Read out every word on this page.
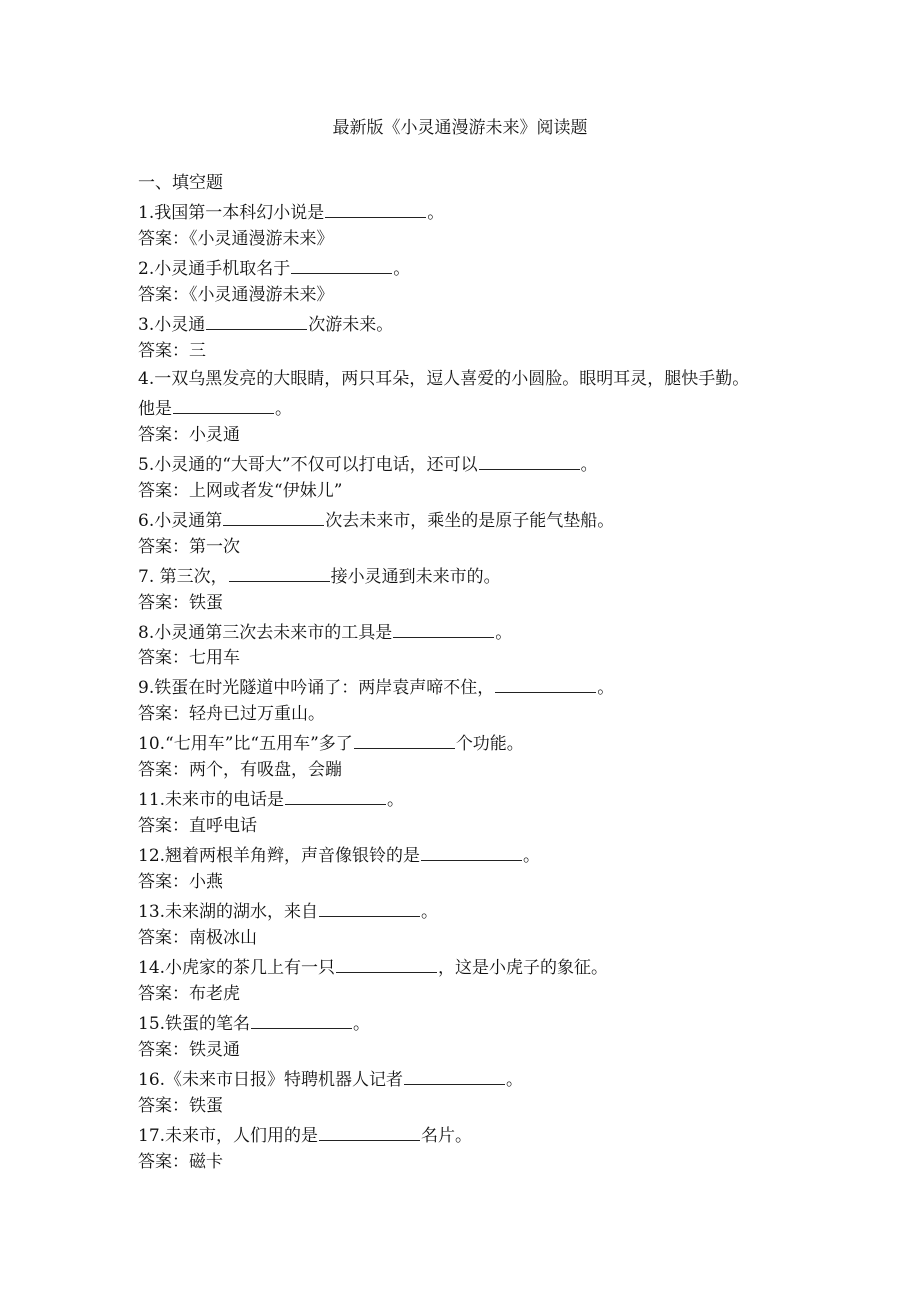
最新版《小灵通漫游未来》阅读题
一、填空题
1.我国第一本科幻小说是	。
答案：《小灵通漫游未来》
2.小灵通手机取名于	。
答案：《小灵通漫游未来》
3.小灵通	次游未来。
答案：三
4.一双乌黑发亮的大眼睛，两只耳朵，逗人喜爱的小圆脸。眼明耳灵，腿快手勤。
他是	。
答案：小灵通
5.小灵通的“大哥大”不仅可以打电话，还可以	。
答案：上网或者发“伊妹儿”
6.小灵通第	次去未来市，乘坐的是原子能气垫船。
答案：第一次
7. 第三次，	接小灵通到未来市的。
答案：铁蛋
8.小灵通第三次去未来市的工具是	。
答案：七用车
9.铁蛋在时光隧道中吟诵了：两岸袁声啼不住，	。
答案：轻舟已过万重山。
10.“七用车”比“五用车”多了	个功能。
答案：两个，有吸盘，会蹦
11.未来市的电话是	。
答案：直呼电话
12.翘着两根羊角辫，声音像银铃的是	。
答案：小燕
13.未来湖的湖水，来自	。
答案：南极冰山
14.小虎家的茶几上有一只	，这是小虎子的象征。
答案：布老虎
15.铁蛋的笔名	。
答案：铁灵通
16.《未来市日报》特聘机器人记者	。
答案：铁蛋
17.未来市，人们用的是	名片。
答案：磁卡
